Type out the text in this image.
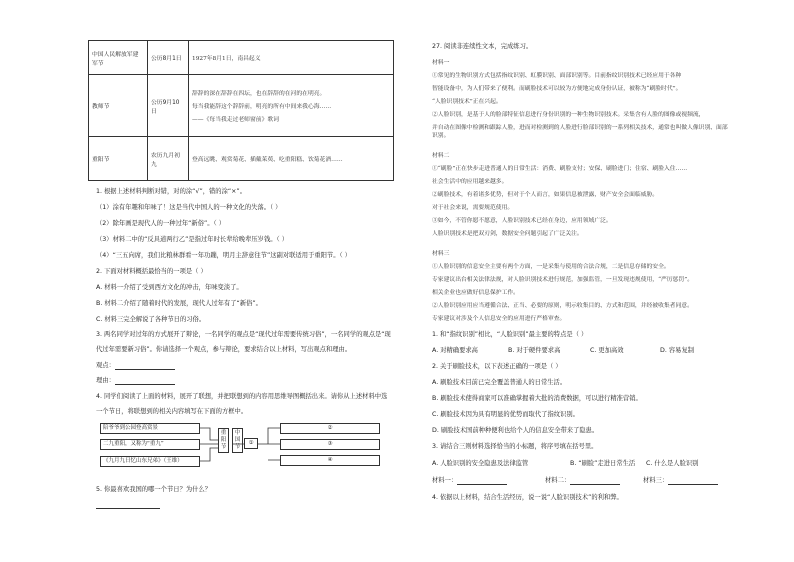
中国人民解放军建军节	公历8月1日	1927年8月1日，南昌起义
教师节	公历9月10日	辞辞的深在辞辞在四坛，也在辞辞的在河的在明亮。
每当我能辞这个辞辞前，明亮的所有中间来我心海……
——《每当我走过老师窗前》歌词

重阳节	农历九月初九	登高远眺、观赏菊花、插戴茱萸、吃重阳糕、饮菊花酒……
1. 根据上述材料判断对错，对的涂“√”，错的涂“×”。
（1）涂有年趣和年味了！这是当代中国人的一种文化的失落。（ ）
（2）除年画是现代人的一种过年“新俗”。（ ）
（3）材料二中的“反具道两行乙”是指过年时长辈给晚辈压岁钱。（ ）
（4）“三五向席，我们比粮林群看一年功蹦，明月主辞意往节”这副对联适用于重阳节。（ ）
2. 下面对材料概括最恰当的一项是（ ）
A. 材料一介绍了受到西方文化的冲击，年味变淡了。
B. 材料二介绍了随着时代的发展，现代人过年有了“新俗”。
C. 材料三完全解说了各种节日的习俗。
3. 两名同学对过年的方式展开了辩论，一名同学的观点是“现代过年需要传统习俗”，一名同学的观点是“现
代过年需要新习俗”。你请选择一个观点，参与辩论，要求结合以上材料，写出观点和理由。
观点：
理由：
4. 同学们阅读了上面的材料，展开了联想，并把联想到的内容用思维导图概括出来。请你从上述材料中选
一个节日，将联想到的相关内容填写在下面的方框中。
陪爷爷到公园登高赏景
二九重阳，又称为“重九”
《九月九日忆山东兄弟》（王维）
重阳节
中国节
①
②
③
④
5. 你最喜欢我国的哪一个节日？为什么？
27. 阅读非连续性文本，完成练习。
材料一
①常见的生物识别方式包括指纹识别、虹膜识别、面部识别等。目前指纹识别技术已经应用于各种
智能设备中，为人们带来了便利。而刷脸技术可以较为方便地完成身份认证，被称为“刷脸时代”。
“人脸识别技术”正在兴起。
②人脸识别，是基于人的脸部特征信息进行身份识别的一种生物识别技术。采集含有人脸的图像或视频流，
并自动在图像中检测和跟踪人脸，进而对检测到的人脸进行脸部识别的一系列相关技术，通常也叫做人像识别、面部识别。
材料二
①“刷脸”正在快步走进普通人的日常生活：消费、刷脸支付；安保、刷脸进门；住宿、刷脸入住……
社会生活中的应用越来越多。
②刷脸技术，有着诸多优势，但对于个人而言，如果信息被泄露，财产安全会面临威胁。
对于社会来说，需要规范使用。
③如今，不管你愿不愿意，人脸识别技术已经在身边，应用领域广泛。
人脸识别技术是把双刃剑，数据安全问题引起了广泛关注。
材料三
①人脸识别的信息安全主要有两个方面，一是采集与使用的合法合规，二是信息存储的安全。
专家建议出台相关法律法规，对人脸识别技术进行规范，加强监管，一旦发现违规使用，“严厉惩罚”。
相关企业也应做好信息保护工作。
②人脸识别应用应当遵循合法、正当、必要的原则，明示收集目的、方式和范围，并经被收集者同意。
专家建议对涉及个人信息安全的应用进行严格审查。
1. 和“指纹识别”相比，“人脸识别”最主要的特点是（ ）
A. 对精确要求高	B. 对于硬件要求高	C. 更加高效	D. 容易复制
2. 关于刷脸技术，以下表述正确的一项是（ ）
A. 刷脸技术目前已完全覆盖普通人的日常生活。
B. 刷脸技术使得商家可以准确掌握着大批的消费数据，可以进行精准营销。
C. 刷脸技术因为具有明显的优势而取代了指纹识别。
D. 刷脸技术国前种种便利也给个人的信息安全带来了隐患。
3. 请结合三则材料选择恰当的小标题，将序号填在括号里。
A. 人脸识别的安全隐患及法律监管	B. “刷脸”走进日常生活 C. 什么是人脸识别
材料一：	材料二：	材料三：
4. 依据以上材料，结合生活经历，说一说“人脸识别技术”的利和弊。
